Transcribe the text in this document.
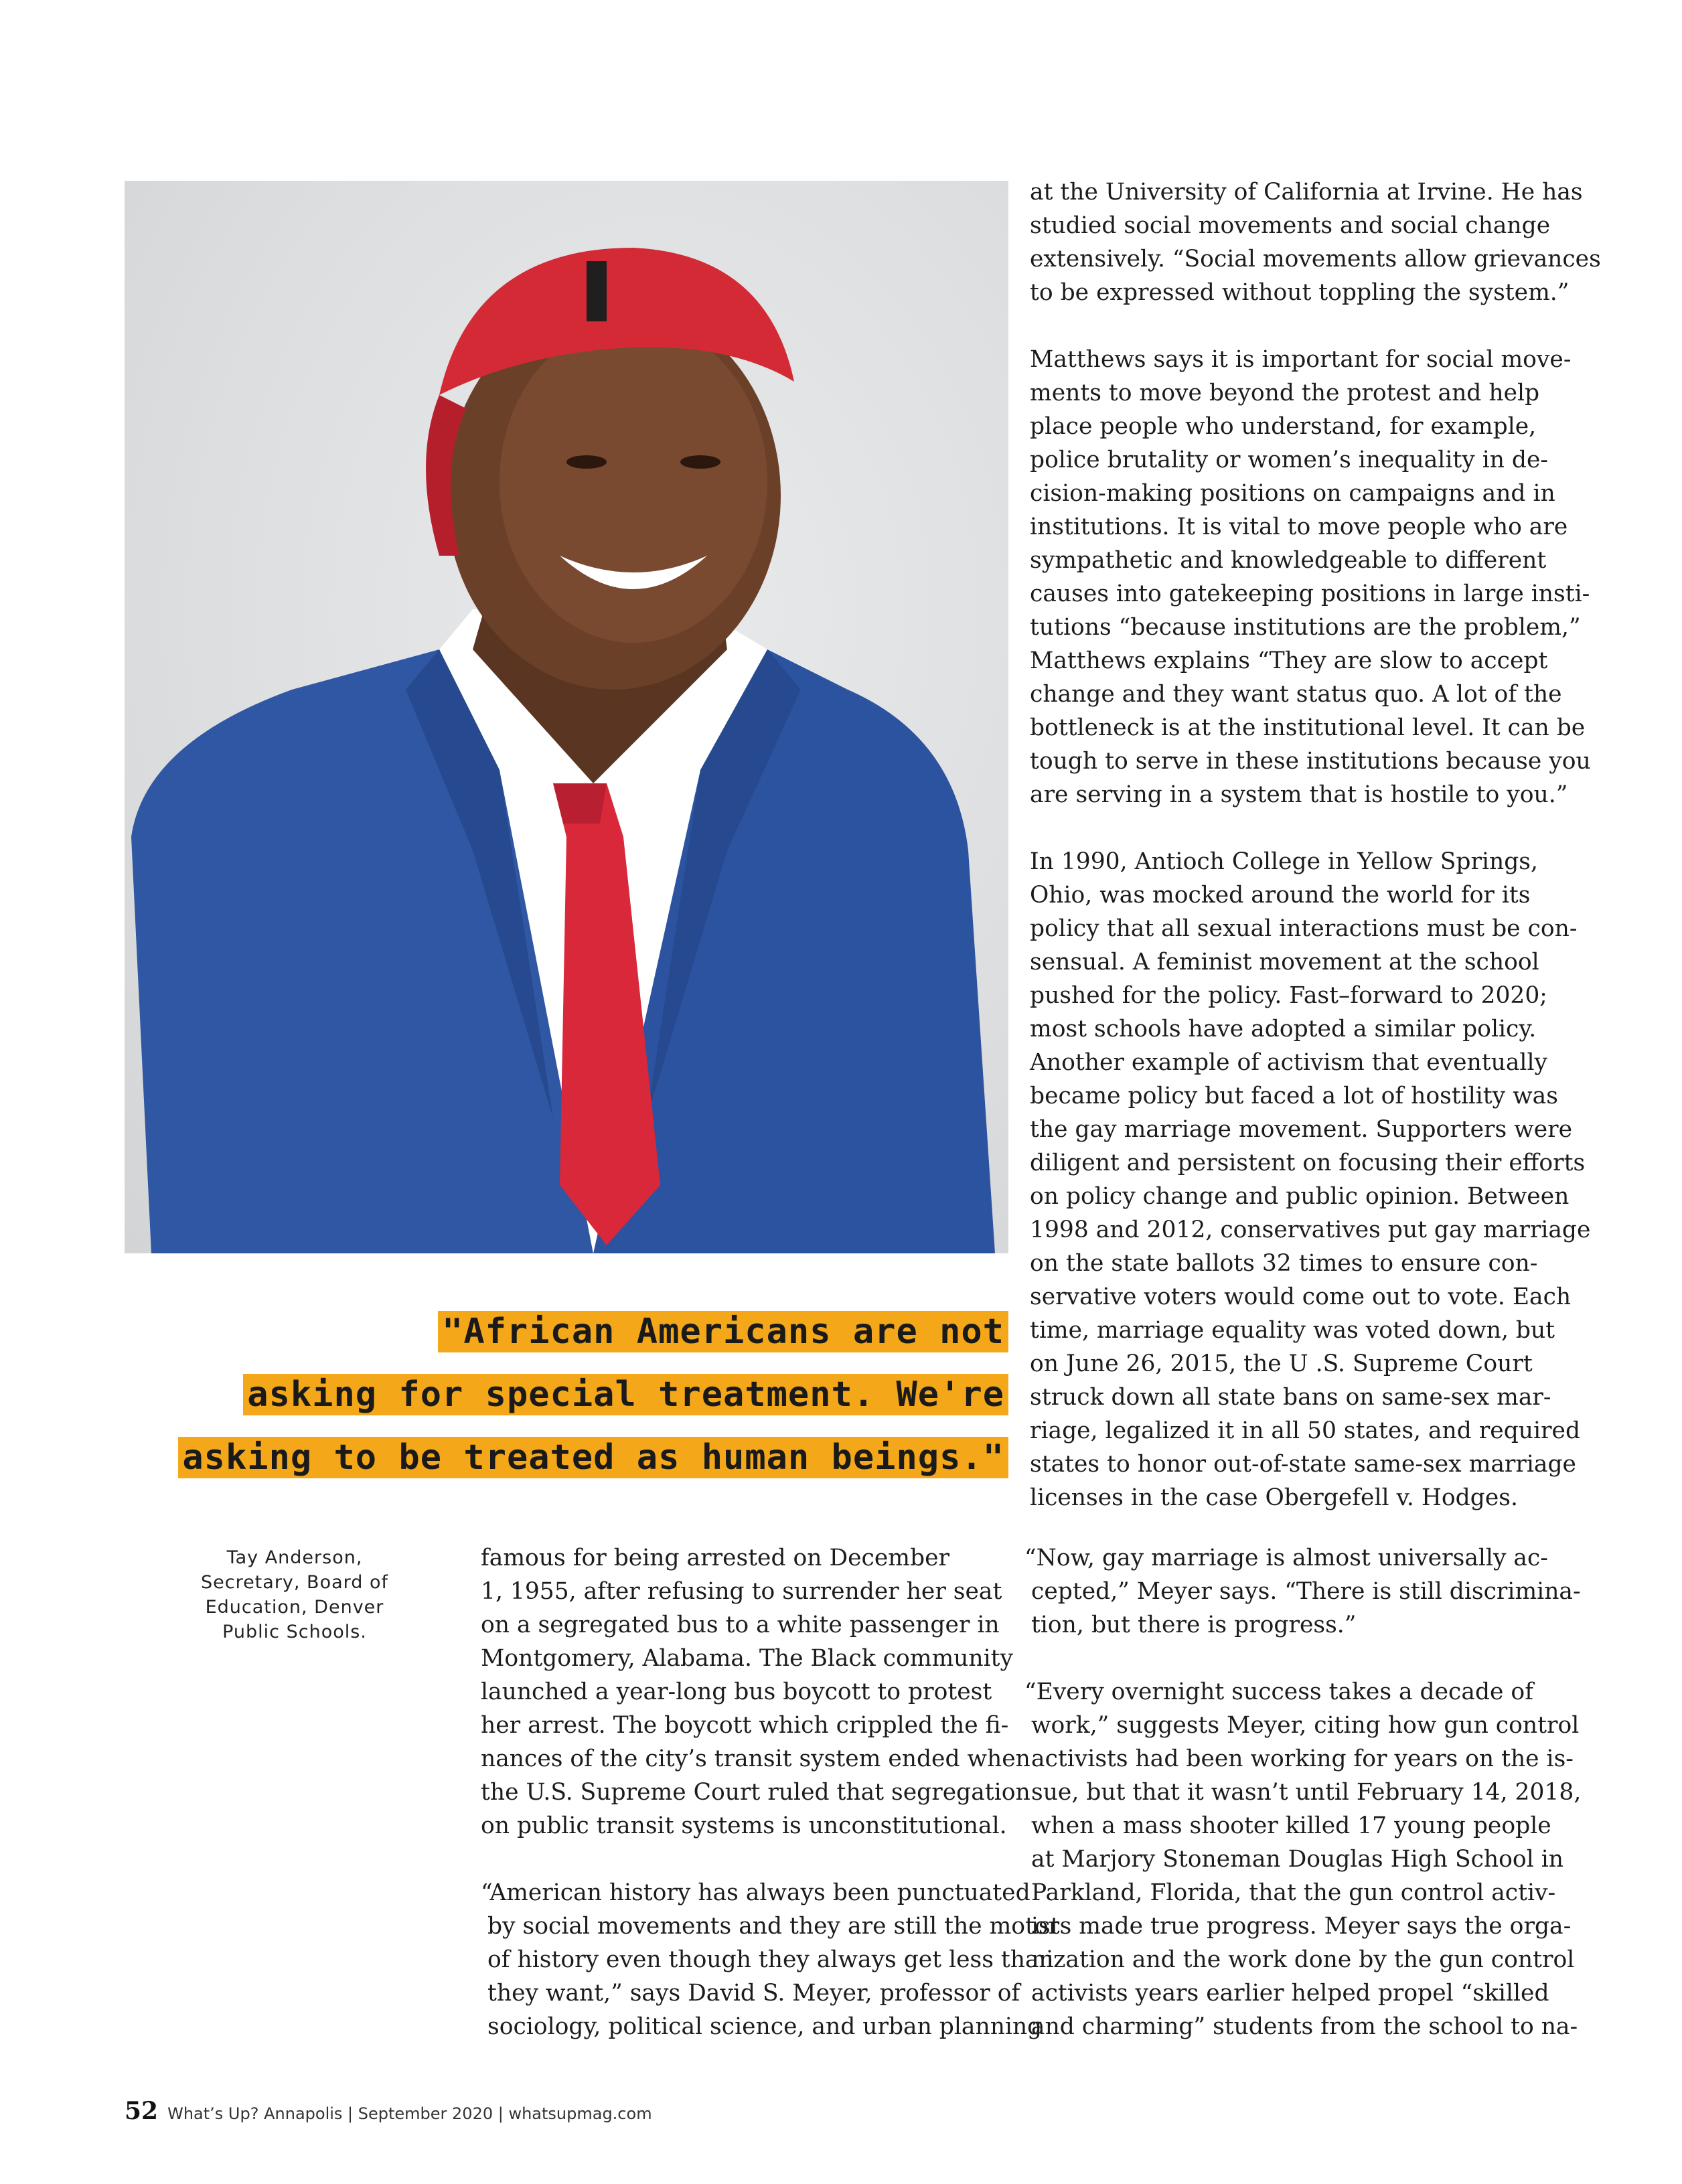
"African Americans are not
asking for special treatment. We're
asking to be treated as human beings."
Tay Anderson,
Secretary, Board of
Education, Denver
Public Schools.

at the University of California at Irvine. He has
studied social movements and social change
extensively. “Social movements allow grievances
to be expressed without toppling the system.”

Matthews says it is important for social move-
ments to move beyond the protest and help
place people who understand, for example,
police brutality or women’s inequality in de-
cision-making positions on campaigns and in
institutions. It is vital to move people who are
sympathetic and knowledgeable to different
causes into gatekeeping positions in large insti-
tutions “because institutions are the problem,”
Matthews explains “They are slow to accept
change and they want status quo. A lot of the
bottleneck is at the institutional level. It can be
tough to serve in these institutions because you
are serving in a system that is hostile to you.”

In 1990, Antioch College in Yellow Springs,
Ohio, was mocked around the world for its
policy that all sexual interactions must be con-
sensual. A feminist movement at the school
pushed for the policy. Fast–forward to 2020;
most schools have adopted a similar policy.
Another example of activism that eventually
became policy but faced a lot of hostility was
the gay marriage movement. Supporters were
diligent and persistent on focusing their efforts
on policy change and public opinion. Between
1998 and 2012, conservatives put gay marriage
on the state ballots 32 times to ensure con-
servative voters would come out to vote. Each
time, marriage equality was voted down, but
on June 26, 2015, the U .S. Supreme Court
struck down all state bans on same-sex mar-
riage, legalized it in all 50 states, and required
states to honor out-of-state same-sex marriage
licenses in the case Obergefell v. Hodges.

famous for being arrested on December
1, 1955, after refusing to surrender her seat
on a segregated bus to a white passenger in
Montgomery, Alabama. The Black community
launched a year-long bus boycott to protest
her arrest. The boycott which crippled the fi-
nances of the city’s transit system ended when
the U.S. Supreme Court ruled that segregation
on public transit systems is unconstitutional.

“American history has always been punctuated
by social movements and they are still the motor
of history even though they always get less than
they want,” says David S. Meyer, professor of
sociology, political science, and urban planning

“Now, gay marriage is almost universally ac-
cepted,” Meyer says. “There is still discrimina-
tion, but there is progress.”

“Every overnight success takes a decade of
work,” suggests Meyer, citing how gun control
activists had been working for years on the is-
sue, but that it wasn’t until February 14, 2018,
when a mass shooter killed 17 young people
at Marjory Stoneman Douglas High School in
Parkland, Florida, that the gun control activ-
ists made true progress. Meyer says the orga-
nization and the work done by the gun control
activists years earlier helped propel “skilled
and charming” students from the school to na-

52 What’s Up? Annapolis | September 2020 | whatsupmag.com
